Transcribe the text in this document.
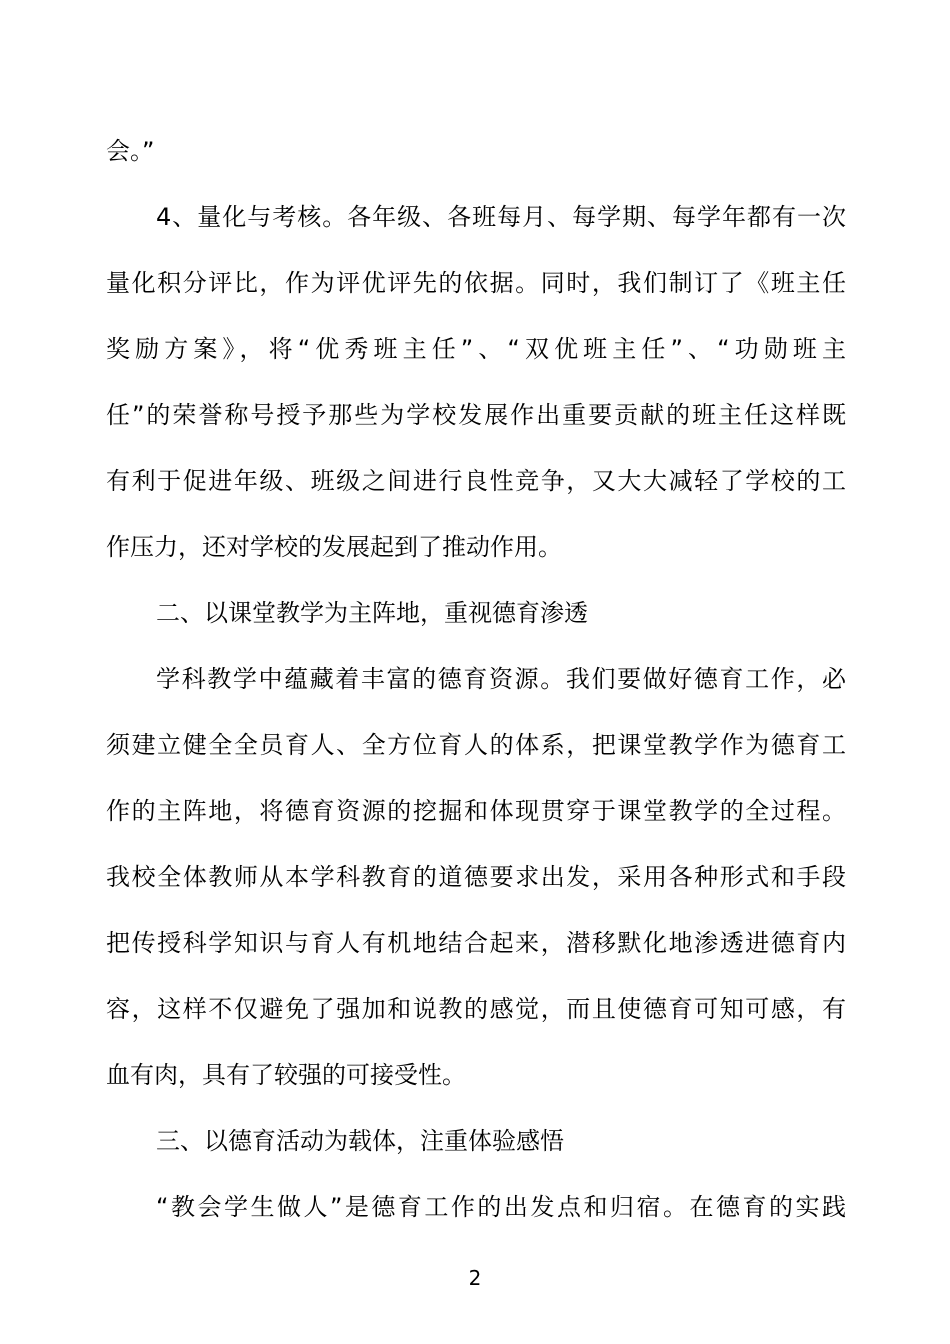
会。”
4、量化与考核。各年级、各班每月、每学期、每学年都有一次
量化积分评比，作为评优评先的依据。同时，我们制订了《班主任
奖励方案》，将“优秀班主任”、“双优班主任”、“功勋班主
任”的荣誉称号授予那些为学校发展作出重要贡献的班主任这样既
有利于促进年级、班级之间进行良性竞争，又大大减轻了学校的工
作压力，还对学校的发展起到了推动作用。
二、以课堂教学为主阵地，重视德育渗透
学科教学中蕴藏着丰富的德育资源。我们要做好德育工作，必
须建立健全全员育人、全方位育人的体系，把课堂教学作为德育工
作的主阵地，将德育资源的挖掘和体现贯穿于课堂教学的全过程。
我校全体教师从本学科教育的道德要求出发，采用各种形式和手段
把传授科学知识与育人有机地结合起来，潜移默化地渗透进德育内
容，这样不仅避免了强加和说教的感觉，而且使德育可知可感，有
血有肉，具有了较强的可接受性。
三、以德育活动为载体，注重体验感悟
“教会学生做人”是德育工作的出发点和归宿。在德育的实践
2
